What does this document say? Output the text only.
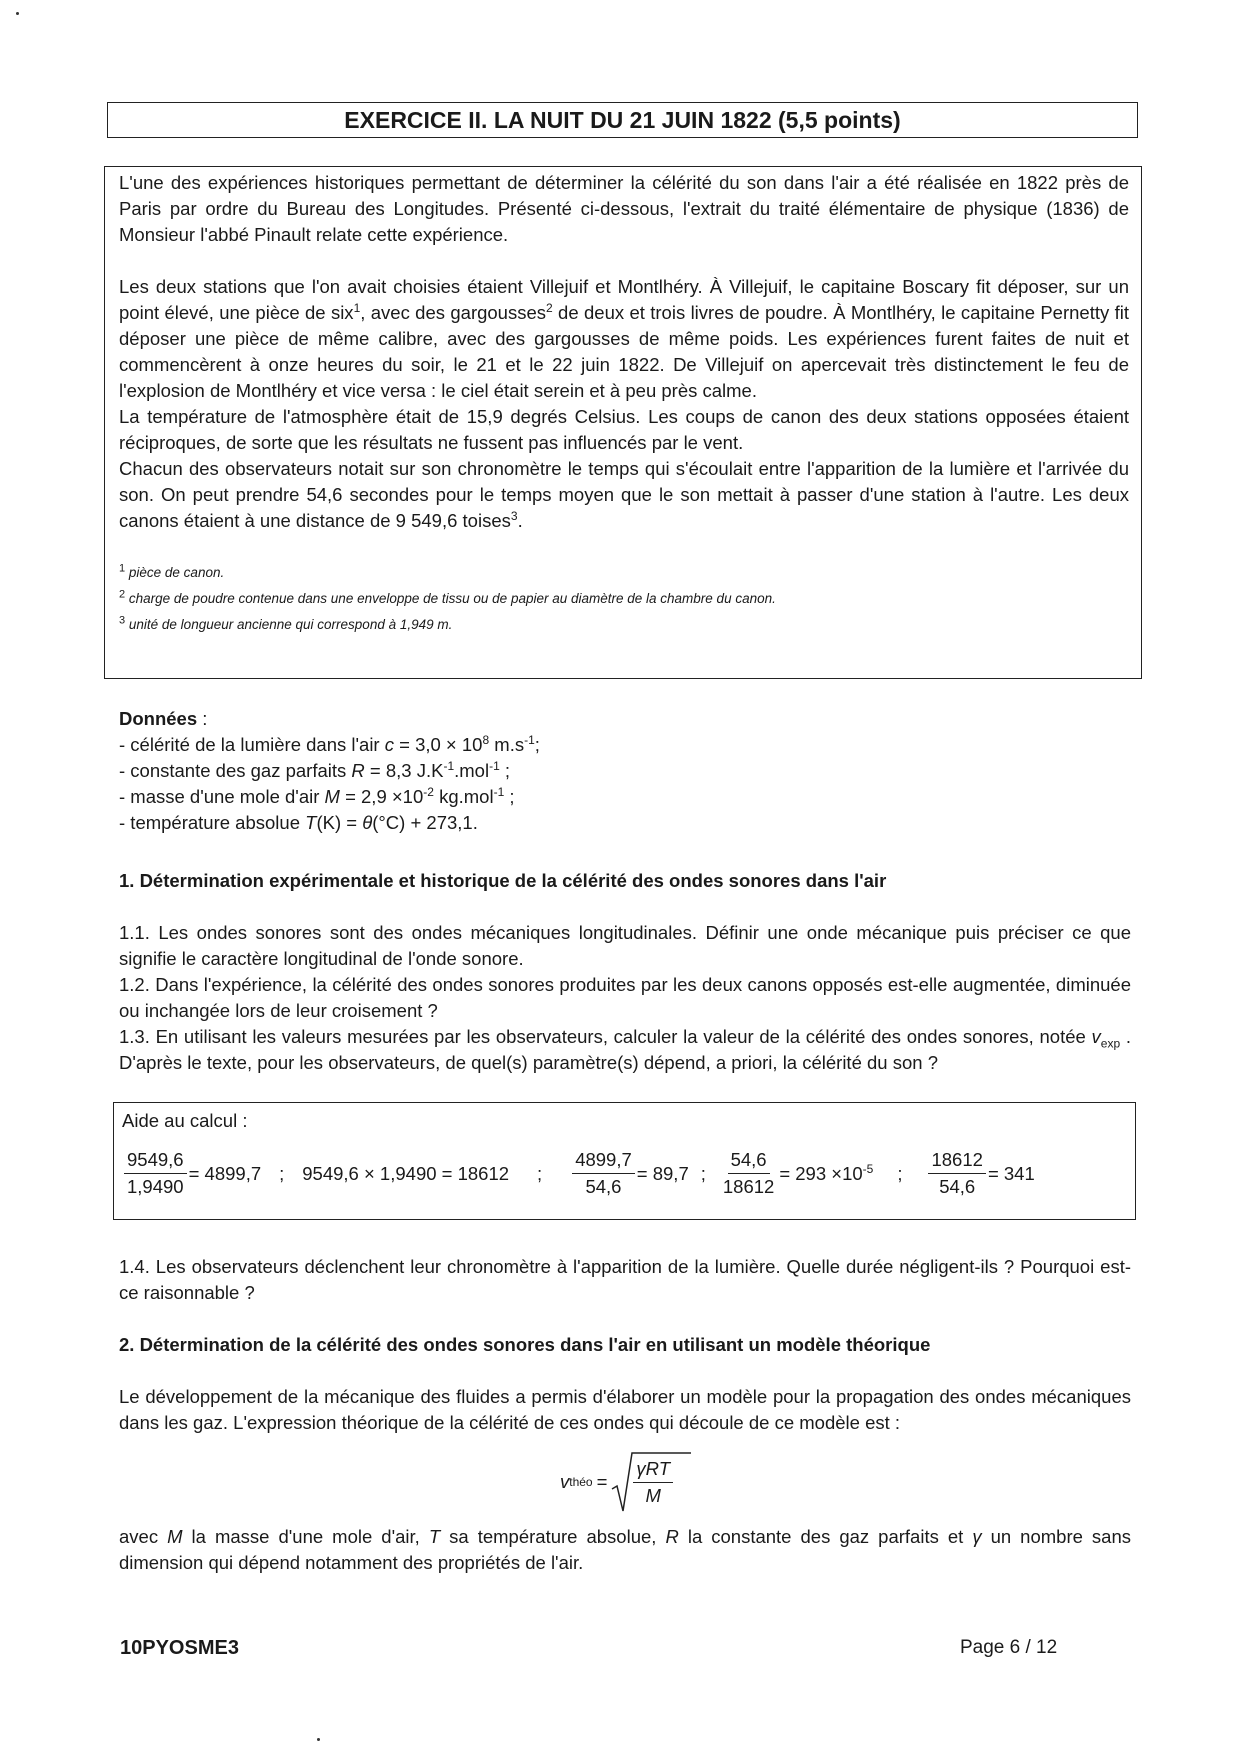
EXERCICE II. LA NUIT DU 21 JUIN 1822 (5,5 points)

L'une des expériences historiques permettant de déterminer la célérité du son dans l'air a été réalisée en 1822 près de Paris par ordre du Bureau des Longitudes. Présenté ci-dessous, l'extrait du traité élémentaire de physique (1836) de Monsieur l'abbé Pinault relate cette expérience.

Les deux stations que l'on avait choisies étaient Villejuif et Montlhéry. À Villejuif, le capitaine Boscary fit déposer, sur un point élevé, une pièce de six$^1$, avec des gargousses$^2$ de deux et trois livres de poudre. À Montlhéry, le capitaine Pernetty fit déposer une pièce de même calibre, avec des gargousses de même poids. Les expériences furent faites de nuit et commencèrent à onze heures du soir, le 21 et le 22 juin 1822. De Villejuif on apercevait très distinctement le feu de l'explosion de Montlhéry et vice versa : le ciel était serein et à peu près calme.

La température de l'atmosphère était de 15,9 degrés Celsius. Les coups de canon des deux stations opposées étaient réciproques, de sorte que les résultats ne fussent pas influencés par le vent.

Chacun des observateurs notait sur son chronomètre le temps qui s'écoulait entre l'apparition de la lumière et l'arrivée du son. On peut prendre 54,6 secondes pour le temps moyen que le son mettait à passer d'une station à l'autre. Les deux canons étaient à une distance de 9 549,6 toises$^3$.

$^1$ pièce de canon.
$^2$ charge de poudre contenue dans une enveloppe de tissu ou de papier au diamètre de la chambre du canon.
$^3$ unité de longueur ancienne qui correspond à 1,949 m.

Données :

- célérité de la lumière dans l'air $c = 3,0 \times 10^8$ $m.s^{-1}$;

- constante des gaz parfaits R = 8,3 $J.K^{-1}.mol^{-1}$ ;

- masse d'une mole d'air $M = 2,9 \times 10^{-2}$ kg.mol$^{-1}$ ;

- température absolue T(K) = θ(°C) + 273,1.

1. Détermination expérimentale et historique de la célérité des ondes sonores dans l'air

1.1. Les ondes sonores sont des ondes mécaniques longitudinales. Définir une onde mécanique puis préciser ce que signifie le caractère longitudinal de l'onde sonore.

1.2. Dans l'expérience, la célérité des ondes sonores produites par les deux canons opposés est-elle augmentée, diminuée ou inchangée lors de leur croisement ?

1.3. En utilisant les valeurs mesurées par les observateurs, calculer la valeur de la célérité des ondes sonores, notée $v_{exp}$ . D'après le texte, pour les observateurs, de quel(s) paramètre(s) dépend, a priori, la célérité du son ?

Aide au calcul :
$\frac{9549,6}{1,9490} = 4899,7$ ; 9549,6 × 1,9490 = 18612 ; $\frac{4899,7}{54,6} = 89,7$ ; $\frac{54,6}{18612} = 293 \times 10^{-5}$ ; $\frac{18612}{54,6} = 341$

1.4. Les observateurs déclenchent leur chronomètre à l'apparition de la lumière. Quelle durée négligent-ils ? Pourquoi est-ce raisonnable ?

2. Détermination de la célérité des ondes sonores dans l'air en utilisant un modèle théorique

Le développement de la mécanique des fluides a permis d'élaborer un modèle pour la propagation des ondes mécaniques dans les gaz. L'expression théorique de la célérité de ces ondes qui découle de ce modèle est :

v théo = $\frac{\text{γRT}}{M}$

avec M la masse d'une mole d'air, T sa température absolue, R la constante des gaz parfaits et γ un nombre sans dimension qui dépend notamment des propriétés de l'air.

10PYOSME3	Page 6 / 12
